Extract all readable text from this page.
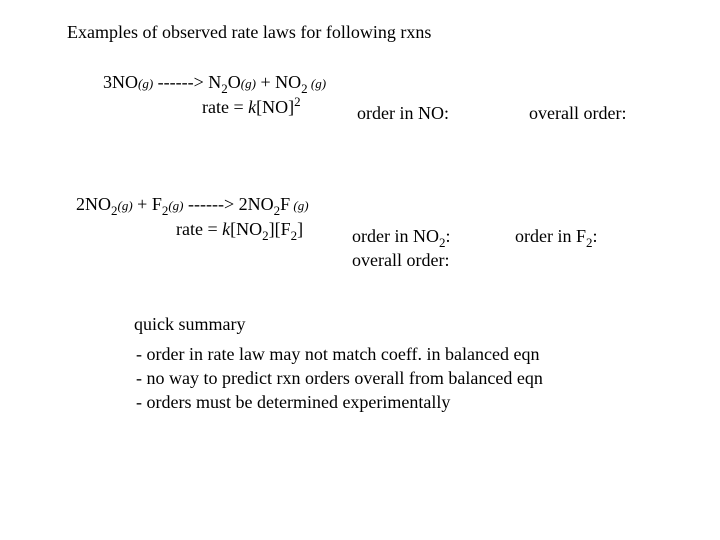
Examples of observed rate laws for following rxns
3NO(g) ------> $N_2O(g) + NO_2$ (g)
rate = k[NO]$^2$
order in NO:	overall order:
$2NO_2(g) + F_2(g)$ ------> $2NO_2F$ (g)
rate = $k[NO_2][F_2]$	order in $NO_2$:	order in $F_2$:
overall order:
quick summary
- order in rate law may not match coeff. in balanced eqn
- no way to predict rxn orders overall from balanced eqn
- orders must be determined experimentally
